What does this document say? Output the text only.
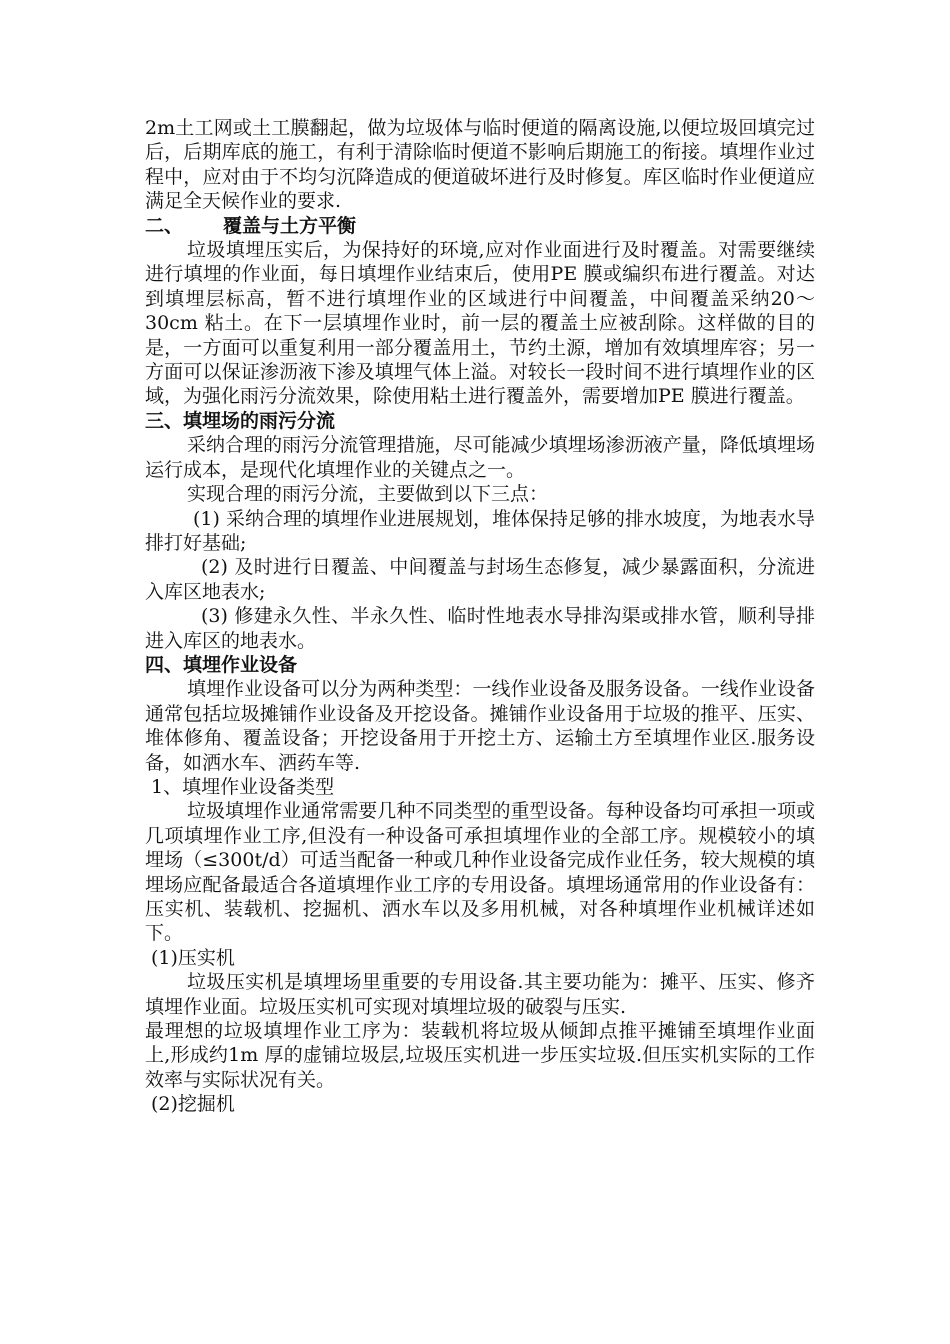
2m土工网或土工膜翻起，做为垃圾体与临时便道的隔离设施,以便垃圾回填完过后，后期库底的施工，有利于清除临时便道不影响后期施工的衔接。填埋作业过程中，应对由于不均匀沉降造成的便道破坏进行及时修复。库区临时作业便道应满足全天候作业的要求.

二、 覆盖与土方平衡

垃圾填埋压实后，为保持好的环境,应对作业面进行及时覆盖。对需要继续进行填埋的作业面，每日填埋作业结束后，使用PE 膜或编织布进行覆盖。对达到填埋层标高，暂不进行填埋作业的区域进行中间覆盖，中间覆盖采纳20～30cm 粘土。在下一层填埋作业时，前一层的覆盖土应被刮除。这样做的目的是，一方面可以重复利用一部分覆盖用土，节约土源，增加有效填埋库容；另一方面可以保证渗沥液下渗及填埋气体上溢。对较长一段时间不进行填埋作业的区域，为强化雨污分流效果，除使用粘土进行覆盖外，需要增加PE 膜进行覆盖。

三、填埋场的雨污分流

采纳合理的雨污分流管理措施，尽可能减少填埋场渗沥液产量，降低填埋场运行成本，是现代化填埋作业的关键点之一。

实现合理的雨污分流，主要做到以下三点：

(1) 采纳合理的填埋作业进展规划，堆体保持足够的排水坡度，为地表水导排打好基础;

(2) 及时进行日覆盖、中间覆盖与封场生态修复，减少暴露面积，分流进入库区地表水;

(3) 修建永久性、半永久性、临时性地表水导排沟渠或排水管，顺利导排进入库区的地表水。

四、填埋作业设备

填埋作业设备可以分为两种类型：一线作业设备及服务设备。一线作业设备通常包括垃圾摊铺作业设备及开挖设备。摊铺作业设备用于垃圾的推平、压实、堆体修角、覆盖设备；开挖设备用于开挖土方、运输土方至填埋作业区.服务设备，如洒水车、洒药车等.

1、填埋作业设备类型

垃圾填埋作业通常需要几种不同类型的重型设备。每种设备均可承担一项或几项填埋作业工序,但没有一种设备可承担填埋作业的全部工序。规模较小的填埋场（≤300t/d）可适当配备一种或几种作业设备完成作业任务，较大规模的填埋场应配备最适合各道填埋作业工序的专用设备。填埋场通常用的作业设备有：压实机、装载机、挖掘机、洒水车以及多用机械，对各种填埋作业机械详述如下。

(1)压实机

垃圾压实机是填埋场里重要的专用设备.其主要功能为：摊平、压实、修齐填埋作业面。垃圾压实机可实现对填埋垃圾的破裂与压实.

最理想的垃圾填埋作业工序为：装载机将垃圾从倾卸点推平摊铺至填埋作业面上,形成约1m 厚的虚铺垃圾层,垃圾压实机进一步压实垃圾.但压实机实际的工作效率与实际状况有关。

(2)挖掘机
